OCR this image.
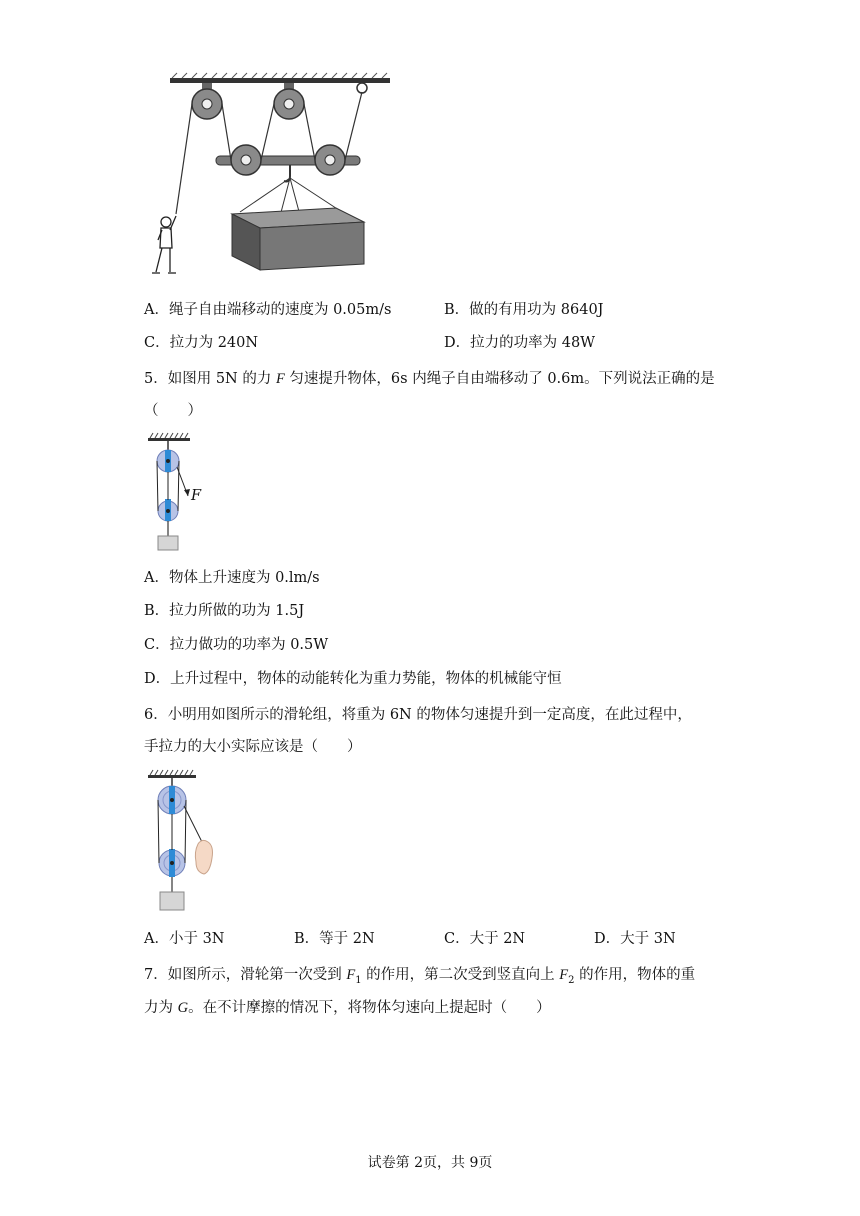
A．绳子自由端移动的速度为 0.05m/s	B．做的有用功为 8640J
C．拉力为 240N	D．拉力的功率为 48W
5．如图用 5N 的力 F 匀速提升物体，6s 内绳子自由端移动了 0.6m。下列说法正确的是
（　　）
F
A．物体上升速度为 0.lm/s
B．拉力所做的功为 1.5J
C．拉力做功的功率为 0.5W
D．上升过程中，物体的动能转化为重力势能，物体的机械能守恒
6．小明用如图所示的滑轮组，将重为 6N 的物体匀速提升到一定高度，在此过程中，
手拉力的大小实际应该是（　　）
A．小于 3N	B．等于 2N	C．大于 2N	D．大于 3N
7．如图所示，滑轮第一次受到 $F_1$ 的作用，第二次受到竖直向上 $F_2$ 的作用，物体的重
力为 G。在不计摩擦的情况下，将物体匀速向上提起时（　　）
试卷第 2页，共 9页
